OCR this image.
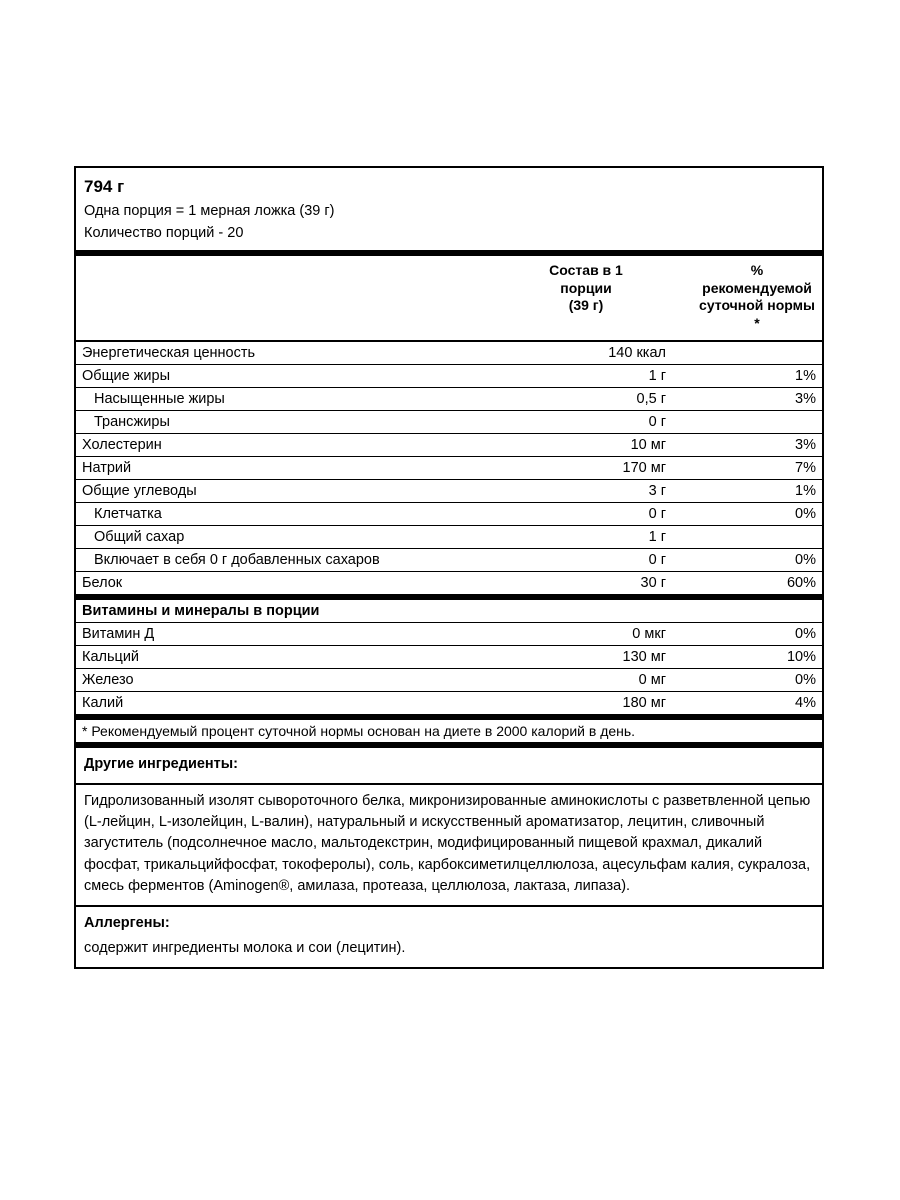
794 г
Одна порция = 1 мерная ложка (39 г)
Количество порций - 20

Состав в 1
порции
(39 г)

%
рекомендуемой
суточной нормы
*

Энергетическая ценность	140 ккал	
Общие жиры	1 г	1%
Насыщенные жиры	0,5 г	3%
Трансжиры	0 г	
Холестерин	10 мг	3%
Натрий	170 мг	7%
Общие углеводы	3 г	1%
Клетчатка	0 г	0%
Общий сахар	1 г	
Включает в себя 0 г добавленных сахаров	0 г	0%
Белок	30 г	60%
Витамины и минералы в порции		
Витамин Д	0 мкг	0%
Кальций	130 мг	10%
Железо	0 мг	0%
Калий	180 мг	4%
* Рекомендуемый процент суточной нормы основан на диете в 2000 калорий в день.		
Другие ингредиенты:
Гидролизованный изолят сывороточного белка, микронизированные аминокислоты с разветвленной цепью (L-лейцин, L-изолейцин, L-валин), натуральный и искусственный ароматизатор, лецитин, сливочный загуститель (подсолнечное масло, мальтодекстрин, модифицированный пищевой крахмал, дикалий фосфат, трикальцийфосфат, токоферолы), соль, карбоксиметилцеллюлоза, ацесульфам калия, сукралоза, смесь ферментов (Aminogen®, амилаза, протеаза, целлюлоза, лактаза, липаза).
Аллергены:
содержит ингредиенты молока и сои (лецитин).
